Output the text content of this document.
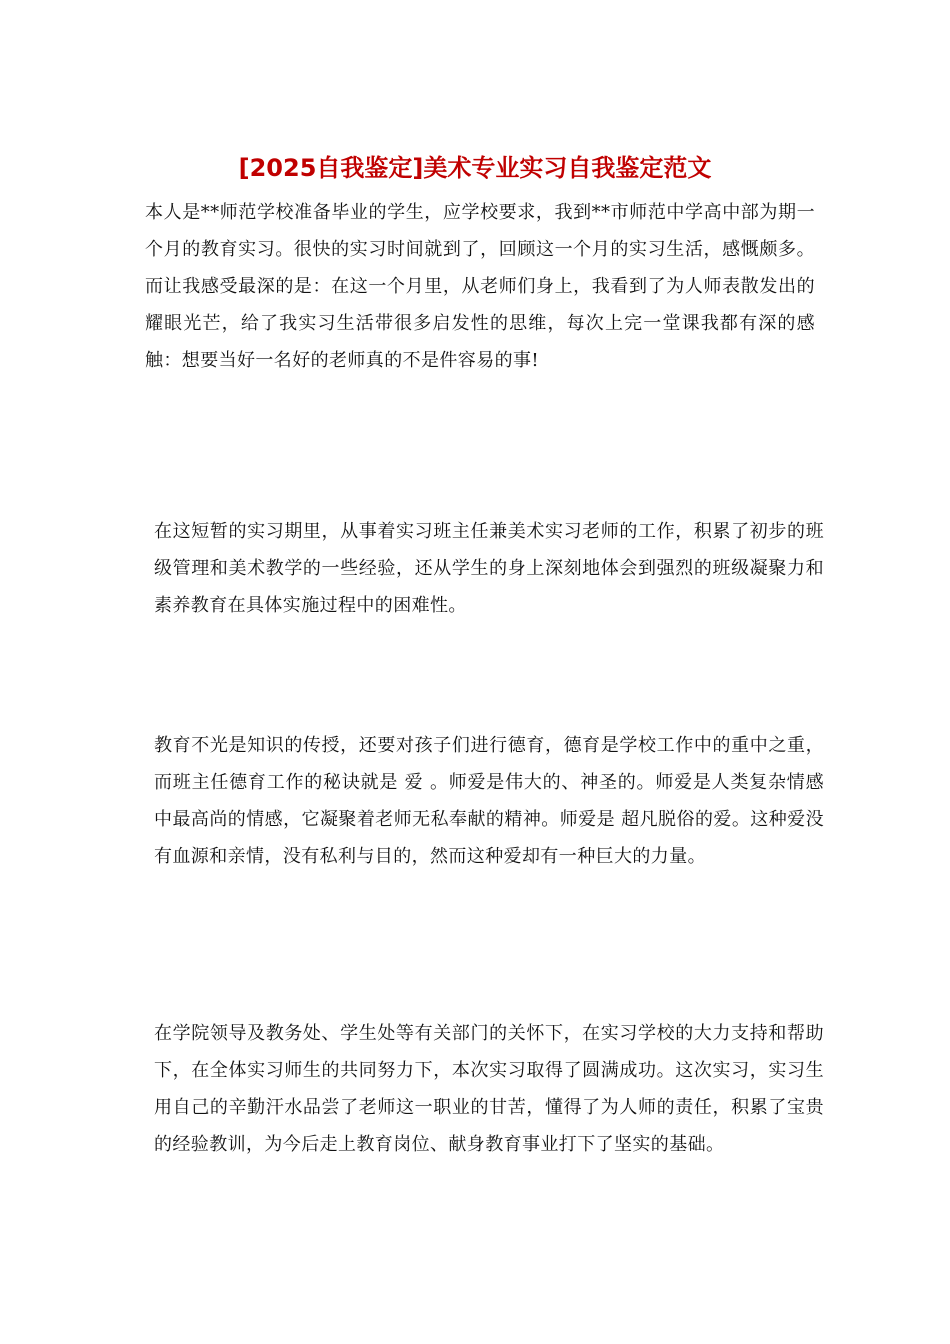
[2025自我鉴定]美术专业实习自我鉴定范文

本人是**师范学校准备毕业的学生，应学校要求，我到**市师范中学高中部为期一个月的教育实习。很快的实习时间就到了，回顾这一个月的实习生活，感慨颇多。而让我感受最深的是：在这一个月里，从老师们身上，我看到了为人师表散发出的耀眼光芒，给了我实习生活带很多启发性的思维，每次上完一堂课我都有深的感触：想要当好一名好的老师真的不是件容易的事!

在这短暂的实习期里，从事着实习班主任兼美术实习老师的工作，积累了初步的班级管理和美术教学的一些经验，还从学生的身上深刻地体会到强烈的班级凝聚力和素养教育在具体实施过程中的困难性。

教育不光是知识的传授，还要对孩子们进行德育，德育是学校工作中的重中之重，而班主任德育工作的秘诀就是 爱 。师爱是伟大的、神圣的。师爱是人类复杂情感中最高尚的情感，它凝聚着老师无私奉献的精神。师爱是 超凡脱俗的爱。这种爱没有血源和亲情，没有私利与目的，然而这种爱却有一种巨大的力量。

在学院领导及教务处、学生处等有关部门的关怀下，在实习学校的大力支持和帮助下，在全体实习师生的共同努力下，本次实习取得了圆满成功。这次实习，实习生用自己的辛勤汗水品尝了老师这一职业的甘苦，懂得了为人师的责任，积累了宝贵的经验教训，为今后走上教育岗位、献身教育事业打下了坚实的基础。
